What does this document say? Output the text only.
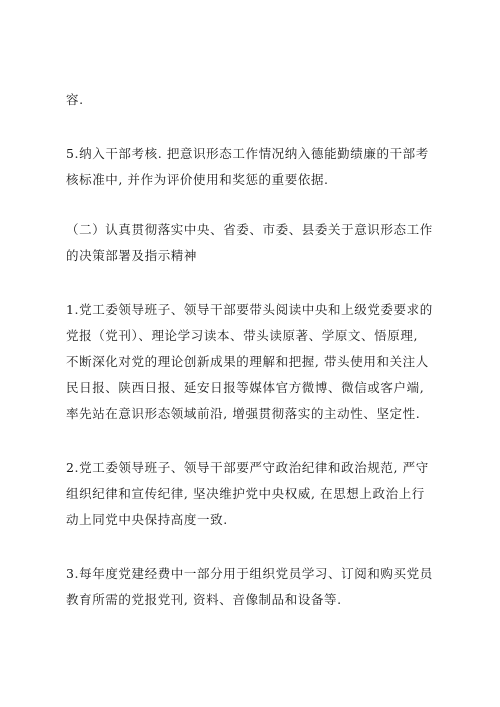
容.
5.纳入干部考核. 把意识形态工作情况纳入德能勤绩廉的干部考
核标准中, 并作为评价使用和奖惩的重要依据.
（二）认真贯彻落实中央、省委、市委、县委关于意识形态工作
的决策部署及指示精神
1.党工委领导班子、领导干部要带头阅读中央和上级党委要求的
党报（党刊）、理论学习读本、带头读原著、学原文、悟原理,
不断深化对党的理论创新成果的理解和把握, 带头使用和关注人
民日报、陕西日报、延安日报等媒体官方微博、微信或客户端,
率先站在意识形态领域前沿, 增强贯彻落实的主动性、坚定性.
2.党工委领导班子、领导干部要严守政治纪律和政治规范, 严守
组织纪律和宣传纪律, 坚决维护党中央权威, 在思想上政治上行
动上同党中央保持高度一致.
3.每年度党建经费中一部分用于组织党员学习、订阅和购买党员
教育所需的党报党刊, 资料、音像制品和设备等.
